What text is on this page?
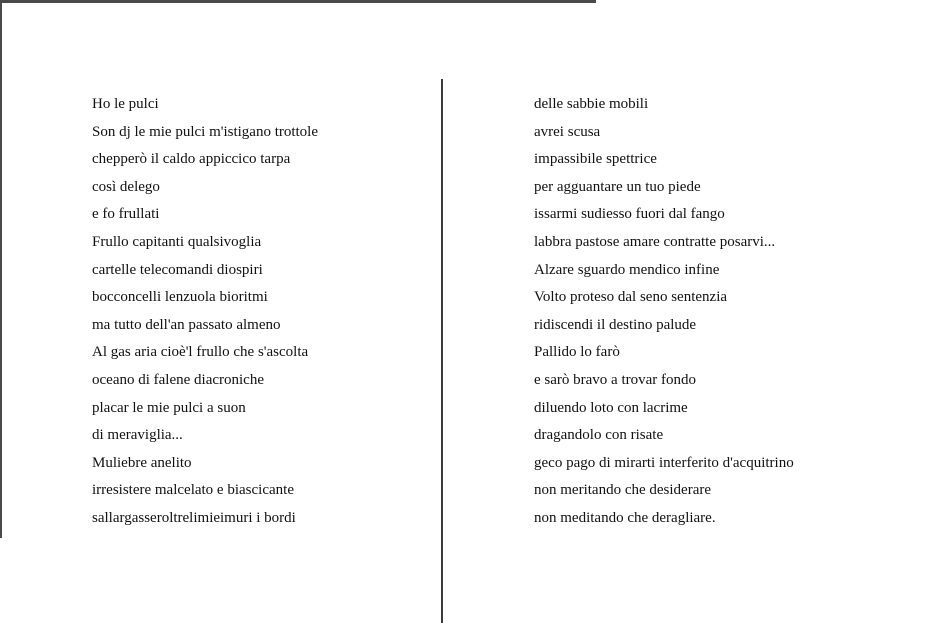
Ho le pulci
Son dj le mie pulci m'istigano trottole
chepperò il caldo appiccico tarpa
così delego
e fo frullati
Frullo capitanti qualsivoglia
cartelle telecomandi diospiri
bocconcelli lenzuola bioritmi
ma tutto dell'an passato almeno
Al gas aria cioè'l frullo che s'ascolta
oceano di falene diacroniche
placar le mie pulci a suon
di meraviglia...
Muliebre anelito
irresistere malcelato e biascicante
sallargasseroltrelimieimuri i bordi
delle sabbie mobili
avrei scusa
impassibile spettrice
per agguantare un tuo piede
issarmi sudiesso fuori dal fango
labbra pastose amare contratte posarvi...
Alzare sguardo mendico infine
Volto proteso dal seno sentenzia
ridiscendi il destino palude
Pallido lo farò
e sarò bravo a trovar fondo
diluendo loto con lacrime
dragandolo con risate
geco pago di mirarti interferito d'acquitrino
non meritando che desiderare
non meditando che deragliare.
